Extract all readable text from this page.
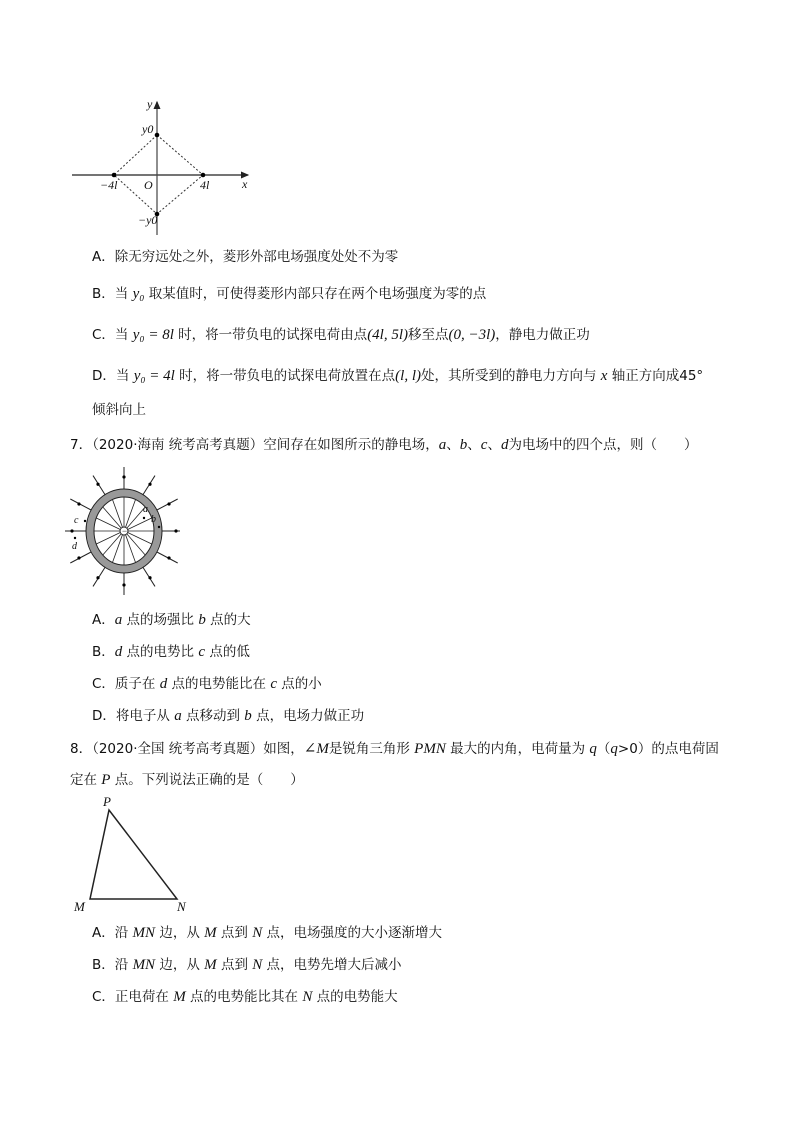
y
x
y0
−y0
−4l O	4l
A．除无穷远处之外，菱形外部电场强度处处不为零
B．当 y₀ 取某值时，可使得菱形内部只存在两个电场强度为零的点
C．当 y₀ = 8l 时，将一带负电的试探电荷由点(4l, 5l)移至点(0, −3l)，静电力做正功
D．当 y₀ = 4l 时，将一带负电的试探电荷放置在点(l, l)处，其所受到的静电力方向与 x 轴正方向成45°
倾斜向上
7．（2020·海南 统考高考真题）空间存在如图所示的静电场，a、b、c、d为电场中的四个点，则（　　）
−
a
b
c
d
A．a 点的场强比 b 点的大
B．d 点的电势比 c 点的低
C．质子在 d 点的电势能比在 c 点的小
D．将电子从 a 点移动到 b 点，电场力做正功
8．（2020·全国 统考高考真题）如图，∠M是锐角三角形 PMN 最大的内角，电荷量为 q（q>0）的点电荷固
定在 P 点。下列说法正确的是（　　）
P
M	N
A．沿 MN 边，从 M 点到 N 点，电场强度的大小逐渐增大
B．沿 MN 边，从 M 点到 N 点，电势先增大后减小
C．正电荷在 M 点的电势能比其在 N 点的电势能大
